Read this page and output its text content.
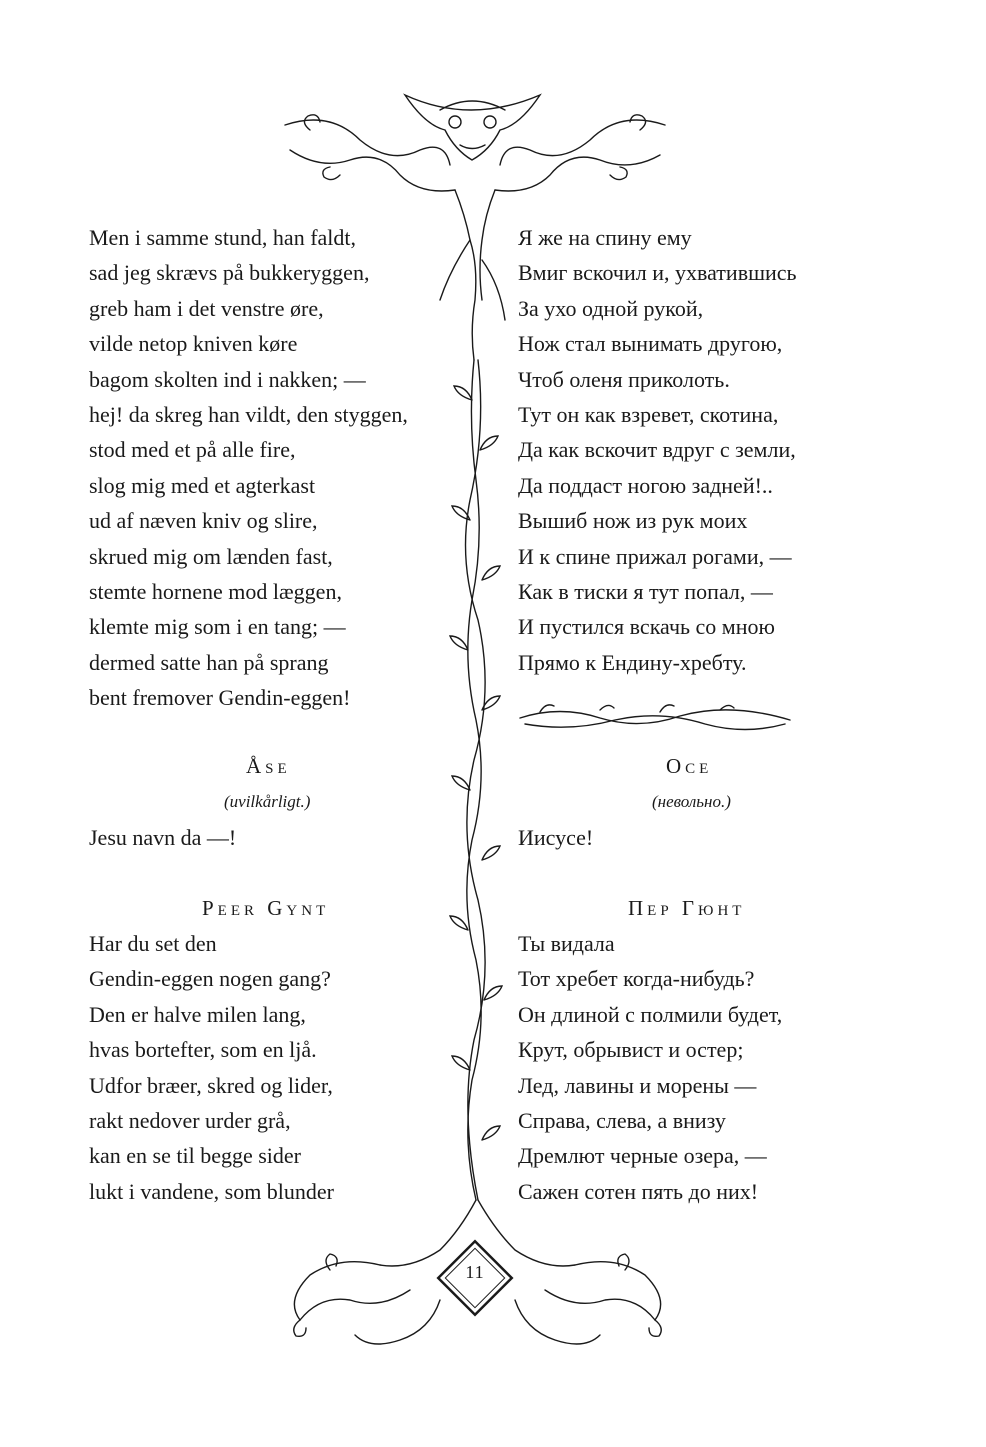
11
Men i samme stund, han faldt,
sad jeg skrævs på bukkeryggen,
greb ham i det venstre øre,
vilde netop kniven køre
bagom skolten ind i nakken; —
hej! da skreg han vildt, den styggen,
stod med et på alle fire,
slog mig med et agterkast
ud af næven kniv og slire,
skrued mig om lænden fast,
stemte hornene mod læggen,
klemte mig som i en tang; —
dermed satte han på sprang
bent fremover Gendin-eggen!
Åse
(uvilkårligt.)
Jesu navn da —!
Peer Gynt
Har du set den
Gendin-eggen nogen gang?
Den er halve milen lang,
hvas bortefter, som en ljå.
Udfor bræer, skred og lider,
rakt nedover urder grå,
kan en se til begge sider
lukt i vandene, som blunder
Я же на спину ему
Вмиг вскочил и, ухватившись
За ухо одной рукой,
Нож стал вынимать другою,
Чтоб оленя приколоть.
Тут он как взревет, скотина,
Да как вскочит вдруг с земли,
Да поддаст ногою задней!..
Вышиб нож из рук моих
И к спине прижал рогами, —
Как в тиски я тут попал, —
И пустился вскачь со мною
Прямо к Ендину-хребту.
Осе
(невольно.)
Иисусе!
Пер Гюнт
Ты видала
Тот хребет когда-нибудь?
Он длиной с полмили будет,
Крут, обрывист и остер;
Лед, лавины и морены —
Справа, слева, а внизу
Дремлют черные озера, —
Сажен сотен пять до них!
